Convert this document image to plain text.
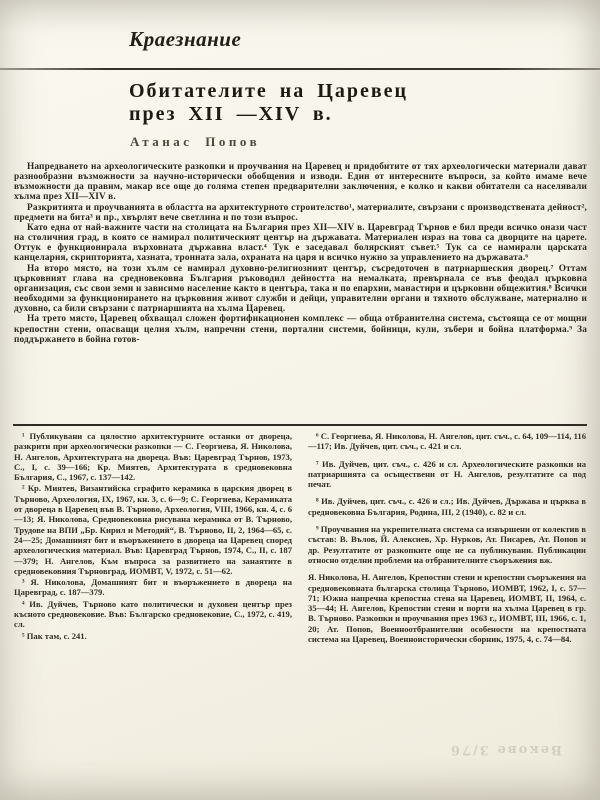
Краезнание
Обитателите на Царевец
през XII —XIV в.
Атанас Попов

Напредването на археологическите разкопки и проучвания на Царевец и придобитите от тях археологически материали дават разнообразни възможности за научно-исторически обобщения и изводи. Един от интересните въпроси, за който имаме вече възможности да правим, макар все още до голяма степен предварителни заключения, е колко и какви обитатели са населявали хълма през XII—XIV в.

Разкритията и проучванията в областта на архитектурното строителство¹, материалите, свързани с производствената дейност², предмети на бита³ и пр., хвърлят вече светлина и по този въпрос.

Като една от най-важните части на столицата на България през XII—XIV в. Царевград Търнов е бил преди всичко онази част на столичния град, в която се намирал политическият център на държавата. Материален израз на това са дворците на царете. Оттук е функционирала върховната държавна власт.⁴ Тук е заседавал болярският съвет.⁵ Тук са се намирали царската канцелария, скрипторията, хазната, тронната зала, охраната на царя и всичко нужно за управлението на държавата.⁶

На второ място, на този хълм се намирал духовно-религиозният център, съсредоточен в патриаршеския дворец.⁷ Оттам църковният глава на средновековна България ръководил дейността на немалката, превърнала се във феодал църковна организация, със свои земи и зависимо население както в центъра, така и по епархии, манастири и църковни общежития.⁸ Всички необходими за функционирането на църковния живот служби и дейци, управителни органи и тяхното обслужване, материално и духовно, са били свързани с патриаршията на хълма Царевец.

На трето място, Царевец обхващал сложен фортификационен комплекс — обща отбранителна система, състояща се от мощни крепостни стени, опасващи целия хълм, напречни стени, портални системи, бойници, кули, зъбери и бойна платформа.⁹ За поддържането в бойна готов-

¹ Публикувани са цялостно архитектурните останки от двореца, разкрити при археологически разкопки — С. Георгиева, Я. Николова, Н. Ангелов, Архитектурата на двореца. Във: Царевград Търнов, 1973, С., I, с. 39—166; Кр. Миятев, Архитектурата в средновековна България, С., 1967, с. 137—142.

² Кр. Миятев, Византийска сграфито керамика в царския дворец в Търново, Археология, IX, 1967, кн. 3, с. 6—9; С. Георгиева, Керамиката от двореца в Царевец във В. Търново, Археология, VIII, 1966, кн. 4, с. 6—13; Я. Николова, Средновековна рисувана керамика от В. Търново, Трудове на ВПИ „Бр. Кирил и Методий“, В. Търново, II, 2, 1964—65, с. 24—25; Домашният бит и въоръжението в двореца на Царевец според археологическия материал. Във: Царевград Търнов, 1974, С., II, с. 187—379; Н. Ангелов, Към въпроса за развитието на занаятите в средновековния Търновград, ИОМВТ, V, 1972, с. 51—62.

³ Я. Николова, Домашният бит и въоръжението в двореца на Царевград, с. 187—379.

⁴ Ив. Дуйчев, Търново като политически и духовен център през късното средновековие. Във: Българско средновековие, С., 1972, с. 419, сл.

⁵ Пак там, с. 241.

⁶ С. Георгиева, Я. Николова, Н. Ангелов, цит. съч., с. 64, 109—114, 116—117; Ив. Дуйчев, цит. съч., с. 421 и сл.

⁷ Ив. Дуйчев, цит. съч., с. 426 и сл. Археологическите разкопки на патриаршията са осъществени от Н. Ангелов, резултатите са под печат.

⁸ Ив. Дуйчев, цит. съч., с. 426 и сл.; Ив. Дуйчев, Държава и църква в средновековна България, Родина, III, 2 (1940), с. 82 и сл.

⁹ Проучвания на укрепителната система са извършени от колектив в състав: В. Вълов, Й. Алексиев, Хр. Нурков, Ат. Писарев, Ат. Попов и др. Резултатите от разкопките още не са публикувани. Публикации относно отделни проблеми на отбранителните съоръжения вж.

Я. Николова, Н. Ангелов, Крепостни стени и крепостни съоръжения на средновековната българска столица Търново, ИОМВТ, 1962, I, с. 57—71; Южна напречна крепостна стена на Царевец, ИОМВТ, II, 1964, с. 35—44; Н. Ангелов, Крепостни стени и порти на хълма Царевец в гр. В. Търново. Разкопки и проучвания през 1963 г., ИОМВТ, III, 1966, с. 1, 20; Ат. Попов, Военноотбранителни особености на крепостната система на Царевец, Военноисторически сборник, 1975, 4, с. 74—84.

Векове 3/76
